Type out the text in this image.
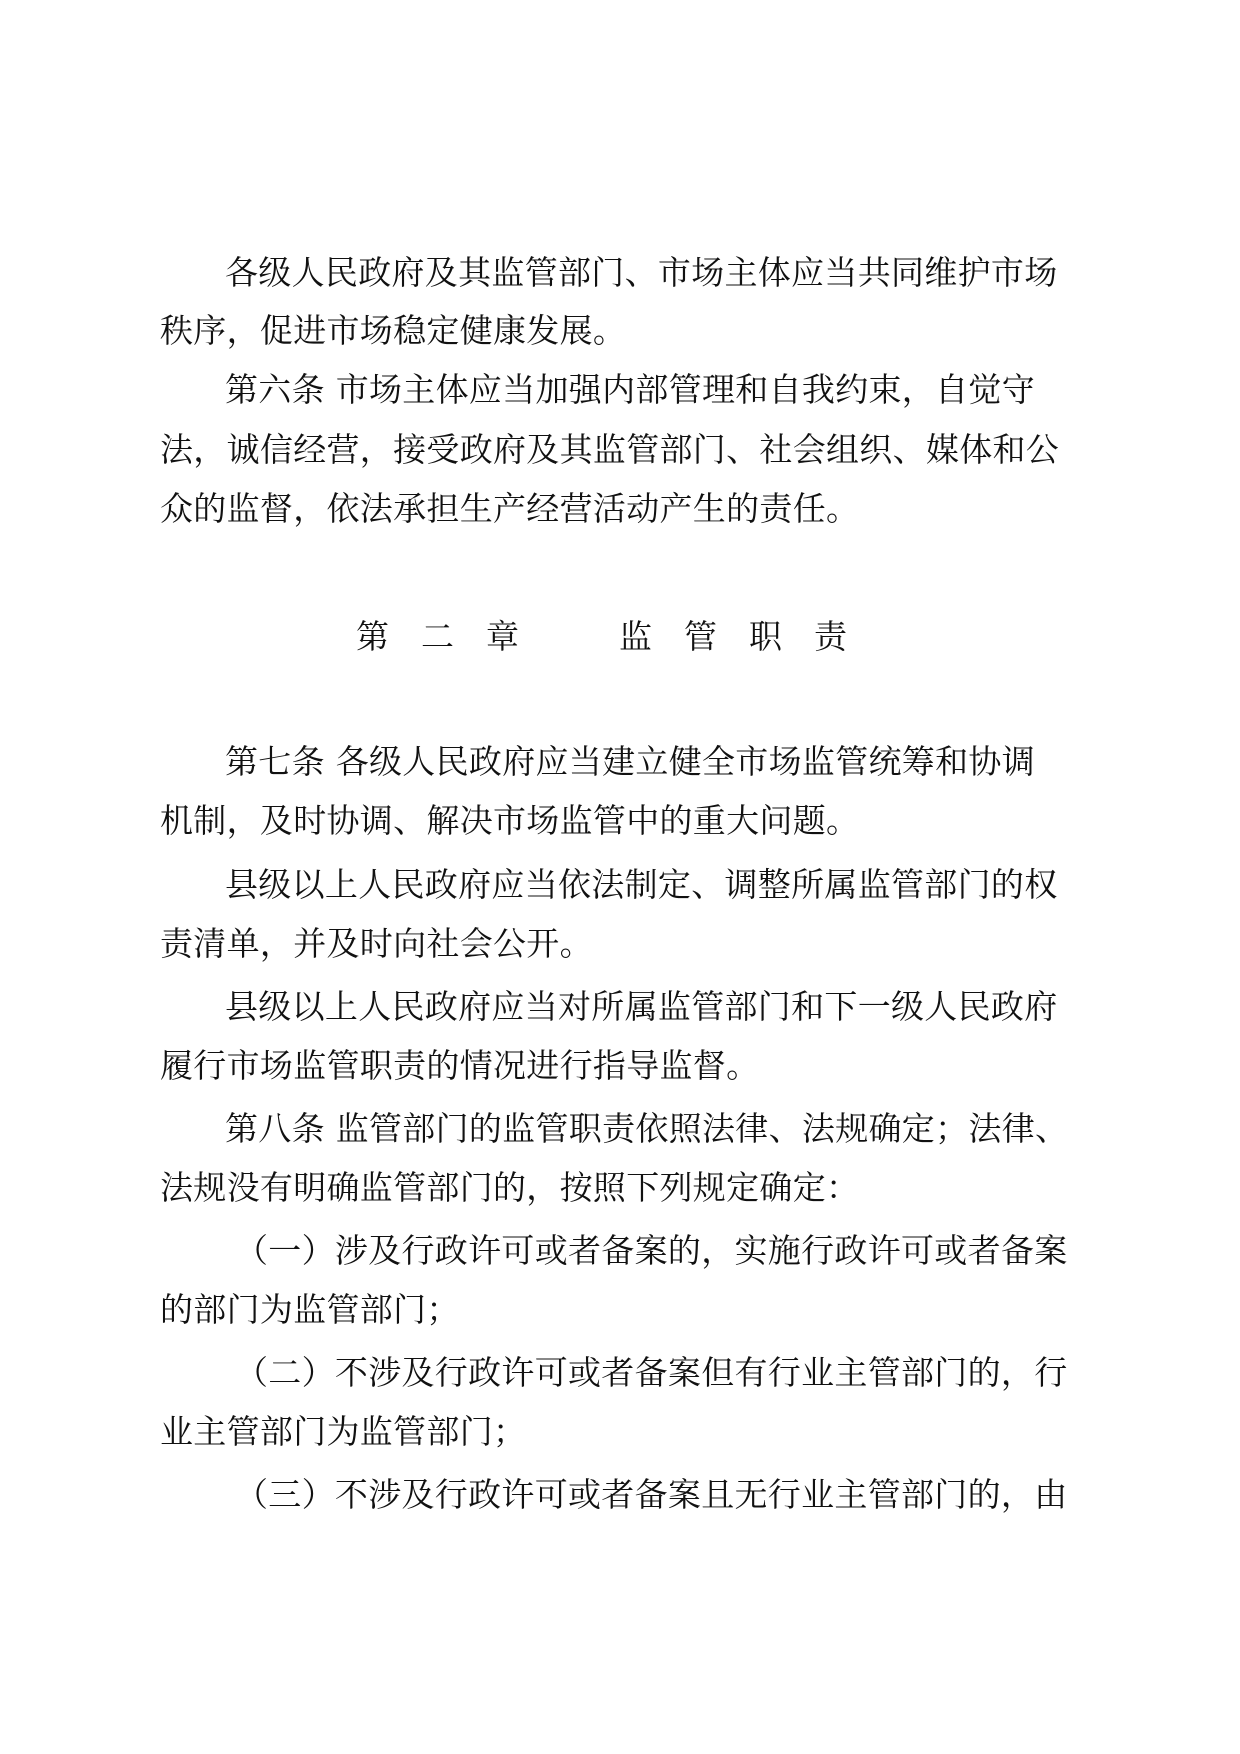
各级人民政府及其监管部门、市场主体应当共同维护市场
秩序，促进市场稳定健康发展。
第六条 市场主体应当加强内部管理和自我约束，自觉守
法，诚信经营，接受政府及其监管部门、社会组织、媒体和公
众的监督，依法承担生产经营活动产生的责任。
第 二 章	监 管 职 责
第七条 各级人民政府应当建立健全市场监管统筹和协调
机制，及时协调、解决市场监管中的重大问题。
县级以上人民政府应当依法制定、调整所属监管部门的权
责清单，并及时向社会公开。
县级以上人民政府应当对所属监管部门和下一级人民政府
履行市场监管职责的情况进行指导监督。
第八条 监管部门的监管职责依照法律、法规确定；法律、
法规没有明确监管部门的，按照下列规定确定：
（一）涉及行政许可或者备案的，实施行政许可或者备案
的部门为监管部门；
（二）不涉及行政许可或者备案但有行业主管部门的，行
业主管部门为监管部门；
（三）不涉及行政许可或者备案且无行业主管部门的，由
